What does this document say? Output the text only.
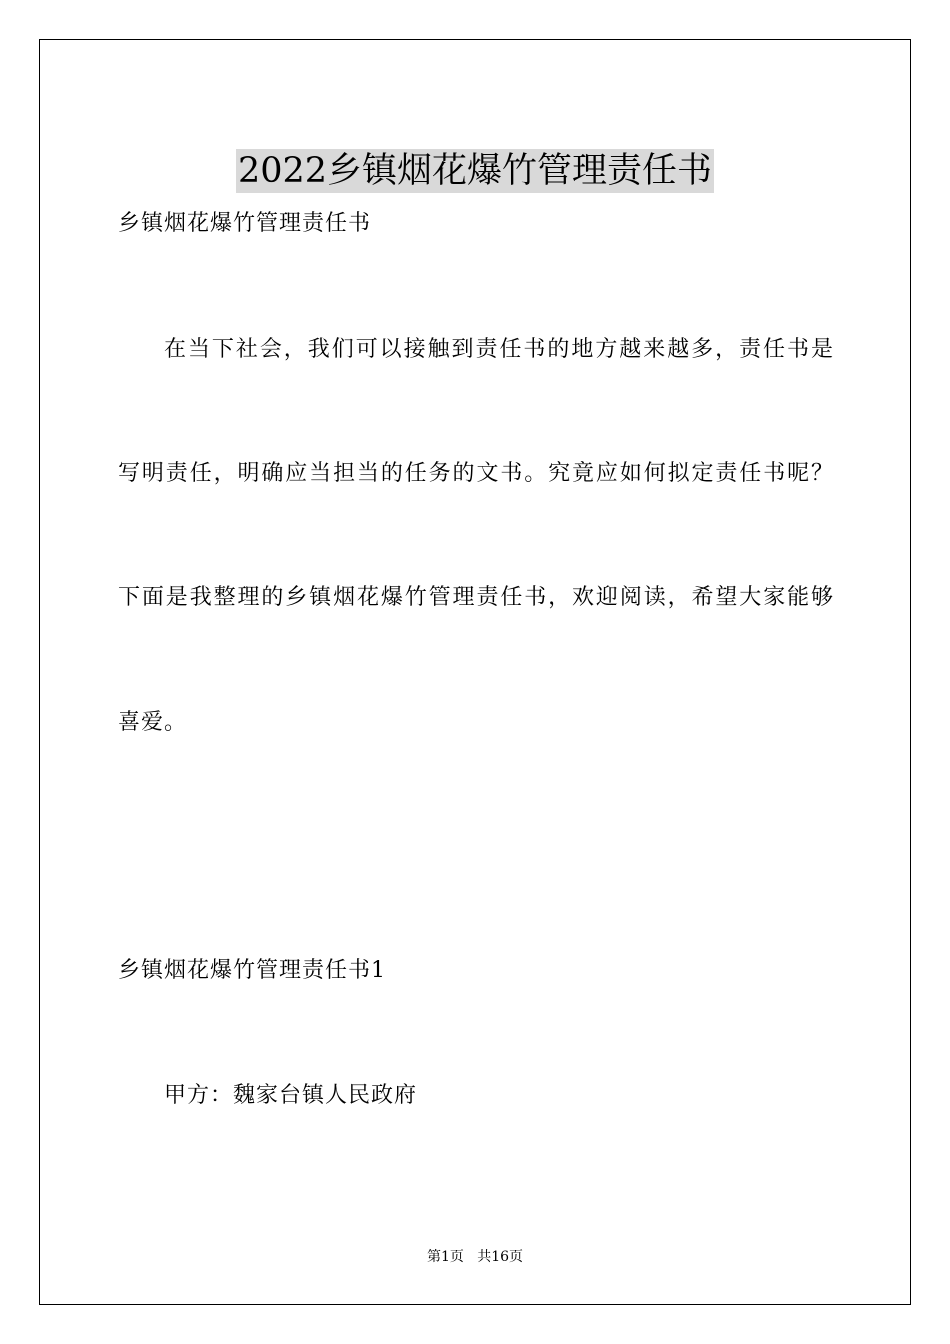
2022乡镇烟花爆竹管理责任书
乡镇烟花爆竹管理责任书
在当下社会，我们可以接触到责任书的地方越来越多，责任书是
写明责任，明确应当担当的任务的文书。究竟应如何拟定责任书呢？
下面是我整理的乡镇烟花爆竹管理责任书，欢迎阅读，希望大家能够
喜爱。
乡镇烟花爆竹管理责任书1
甲方：魏家台镇人民政府
第1页   共16页
